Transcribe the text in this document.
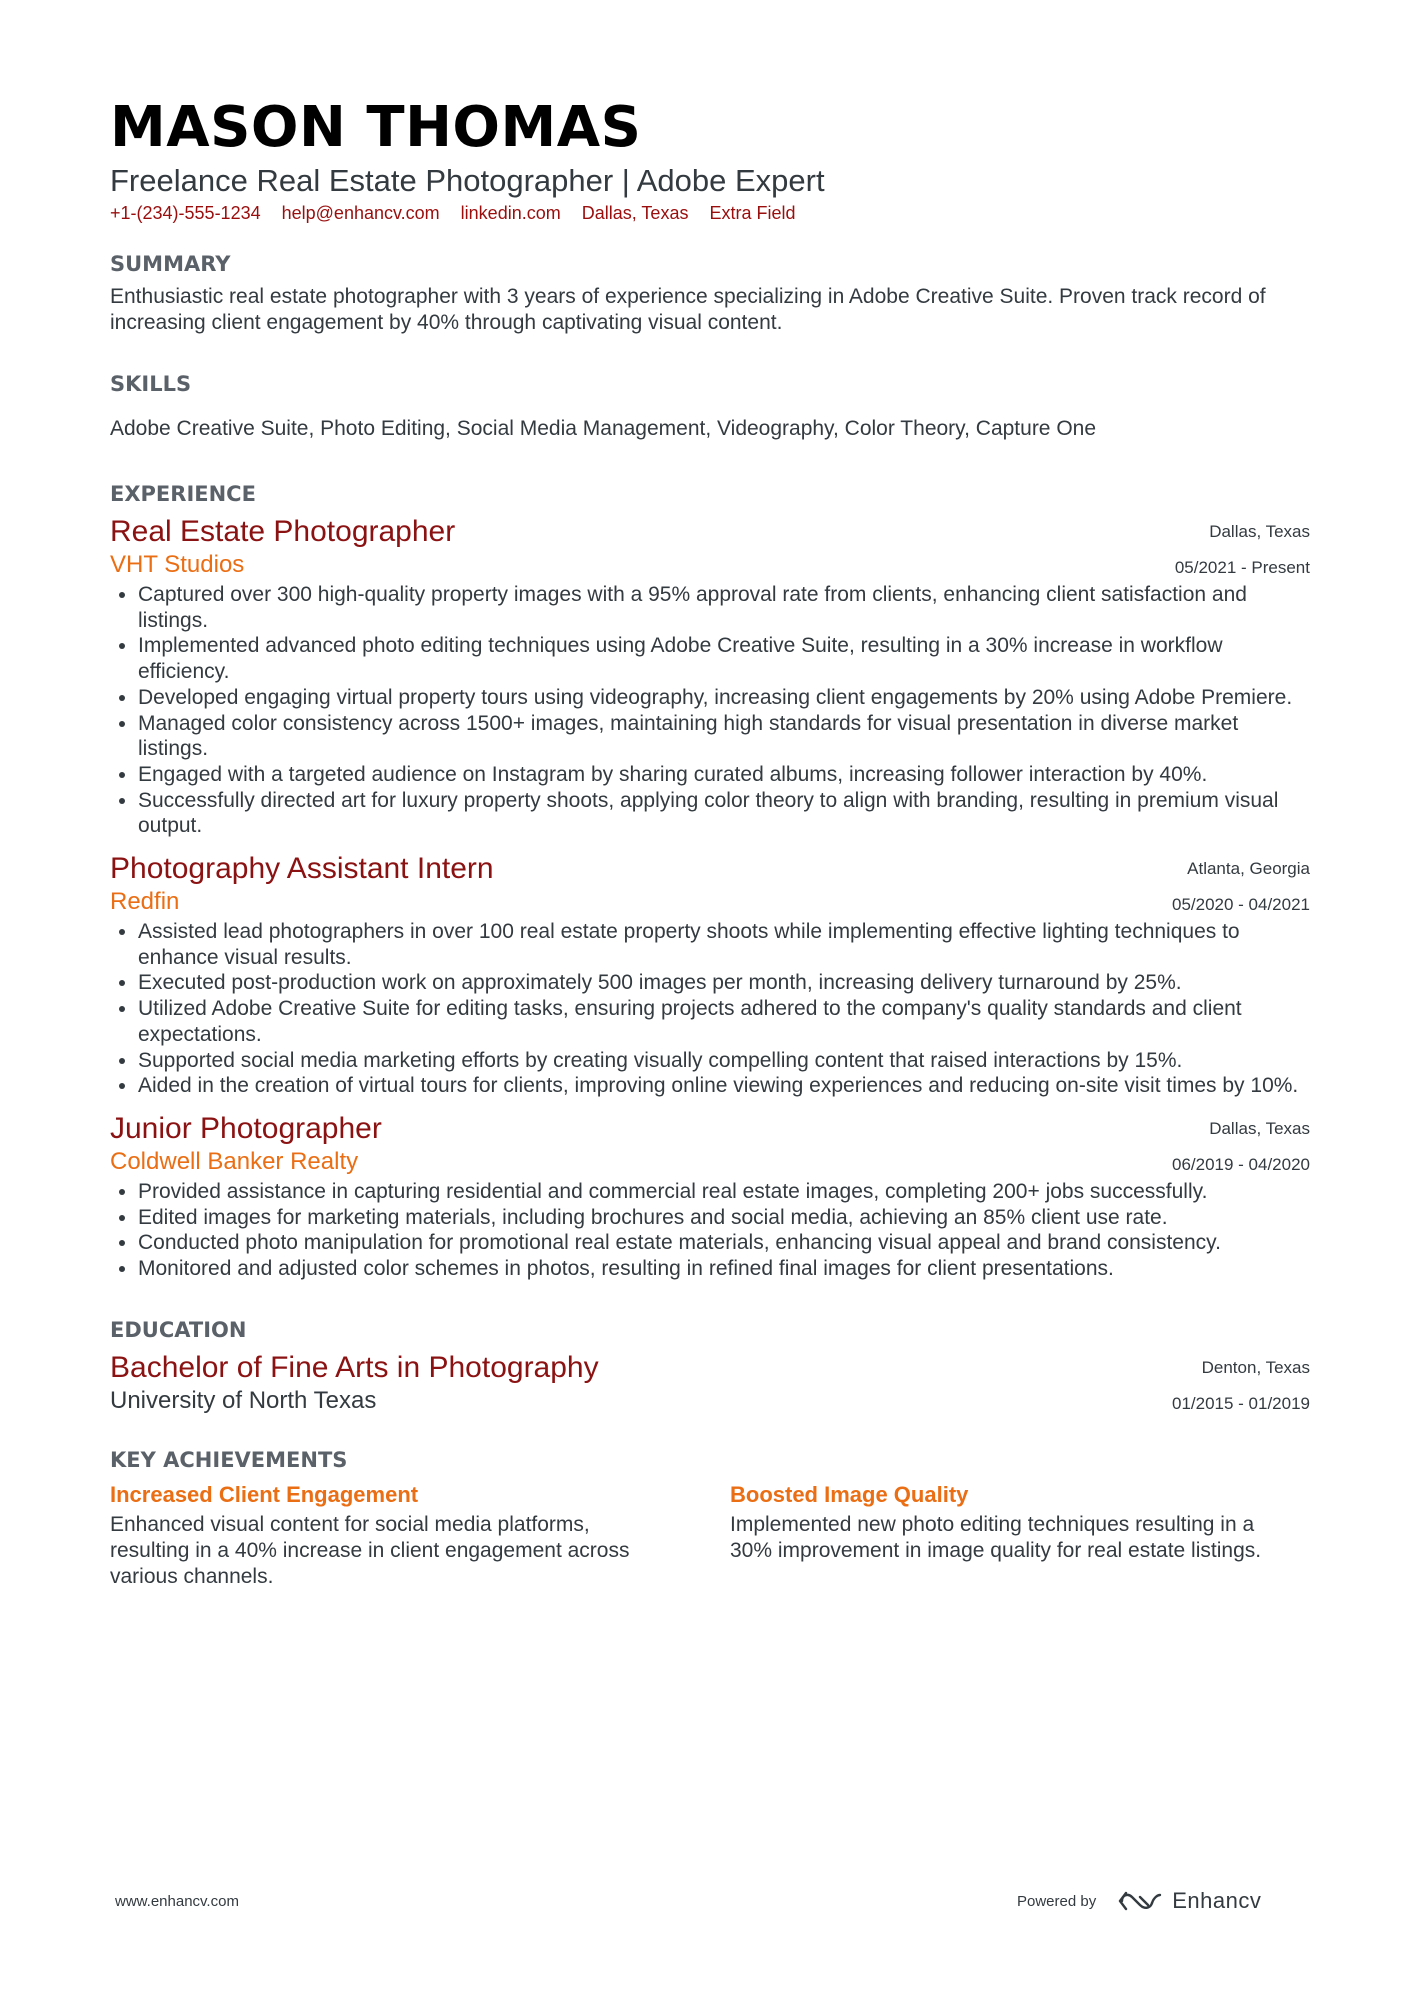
MASON THOMAS
Freelance Real Estate Photographer | Adobe Expert
+1-(234)-555-1234 help@enhancv.com linkedin.com Dallas, Texas Extra Field
SUMMARY
Enthusiastic real estate photographer with 3 years of experience specializing in Adobe Creative Suite. Proven track record of increasing client engagement by 40% through captivating visual content.
SKILLS
Adobe Creative Suite, Photo Editing, Social Media Management, Videography, Color Theory, Capture One
EXPERIENCE
Dallas, Texas
05/2021 - Present
Real Estate Photographer
VHT Studios
• Captured over 300 high-quality property images with a 95% approval rate from clients, enhancing client satisfaction and listings.
• Implemented advanced photo editing techniques using Adobe Creative Suite, resulting in a 30% increase in workflow efficiency.
• Developed engaging virtual property tours using videography, increasing client engagements by 20% using Adobe Premiere.
• Managed color consistency across 1500+ images, maintaining high standards for visual presentation in diverse market listings.
• Engaged with a targeted audience on Instagram by sharing curated albums, increasing follower interaction by 40%.
• Successfully directed art for luxury property shoots, applying color theory to align with branding, resulting in premium visual output.
Atlanta, Georgia
05/2020 - 04/2021
Photography Assistant Intern
Redfin
• Assisted lead photographers in over 100 real estate property shoots while implementing effective lighting techniques to enhance visual results.
• Executed post-production work on approximately 500 images per month, increasing delivery turnaround by 25%.
• Utilized Adobe Creative Suite for editing tasks, ensuring projects adhered to the company's quality standards and client expectations.
• Supported social media marketing efforts by creating visually compelling content that raised interactions by 15%.
• Aided in the creation of virtual tours for clients, improving online viewing experiences and reducing on-site visit times by 10%.
Dallas, Texas
06/2019 - 04/2020
Junior Photographer
Coldwell Banker Realty
• Provided assistance in capturing residential and commercial real estate images, completing 200+ jobs successfully.
• Edited images for marketing materials, including brochures and social media, achieving an 85% client use rate.
• Conducted photo manipulation for promotional real estate materials, enhancing visual appeal and brand consistency.
• Monitored and adjusted color schemes in photos, resulting in refined final images for client presentations.
EDUCATION
Denton, Texas
01/2015 - 01/2019
Bachelor of Fine Arts in Photography
University of North Texas
KEY ACHIEVEMENTS
Increased Client Engagement
Enhanced visual content for social media platforms, resulting in a 40% increase in client engagement across various channels.
Boosted Image Quality
Implemented new photo editing techniques resulting in a 30% improvement in image quality for real estate listings.
www.enhancv.com	Powered by	Enhancv
